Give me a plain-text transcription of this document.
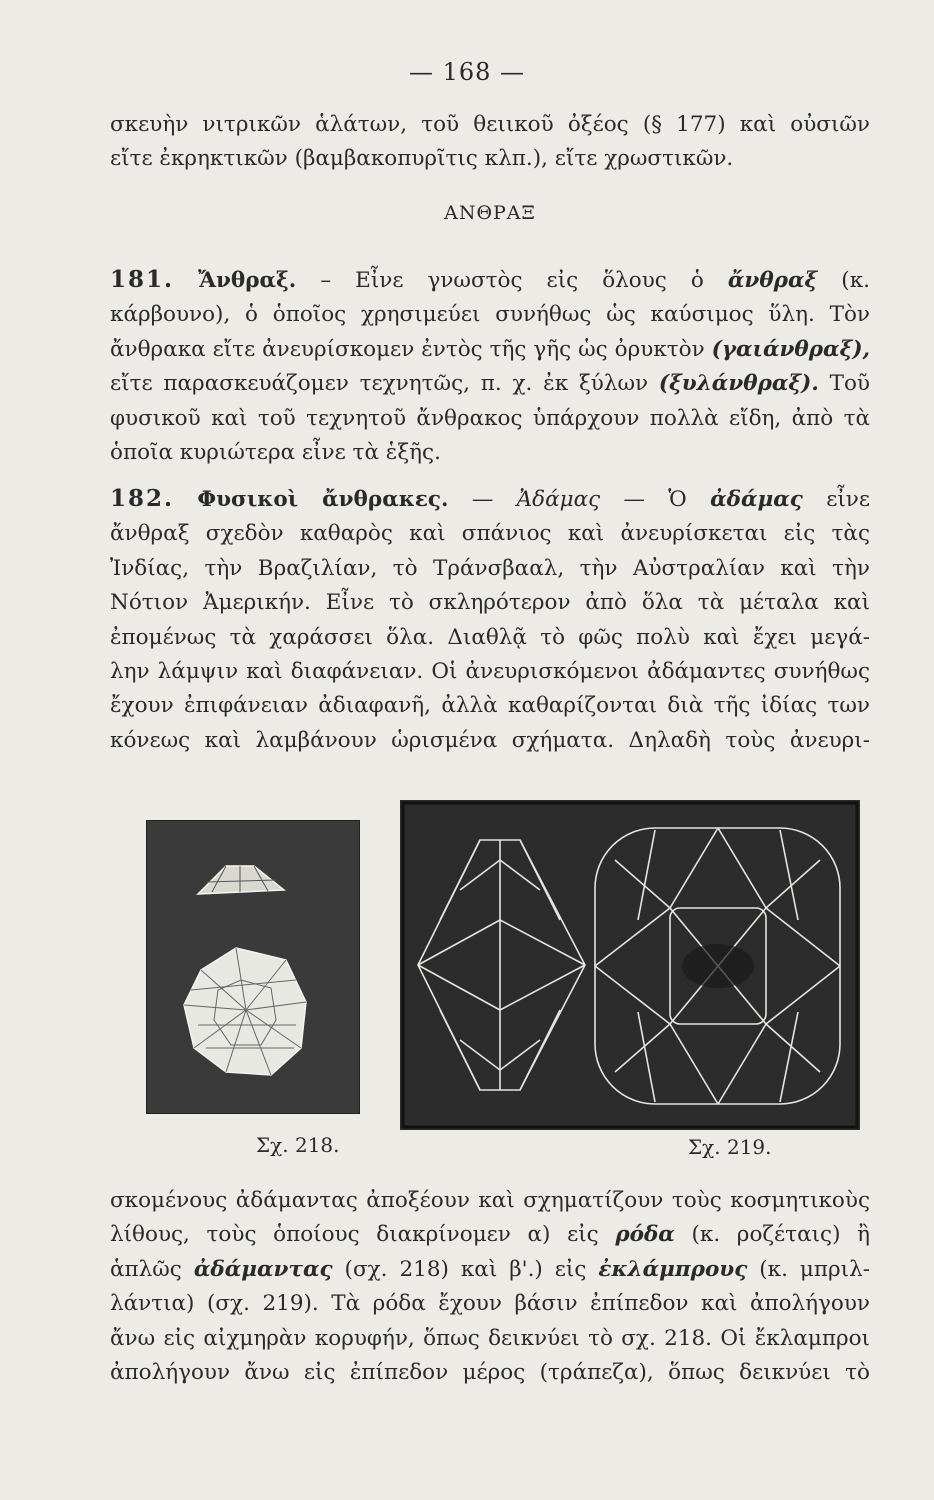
— 168 —
σκευὴν νιτρικῶν ἁλάτων, τοῦ θειικοῦ ὀξέος (§ 177) καὶ οὐσιῶν
εἴτε ἐκρηκτικῶν (βαμβακοπυρῖτις κλπ.), εἴτε χρωστικῶν.
ΑΝΘΡΑΞ
181. Ἄνθραξ. – Εἶνε γνωστὸς εἰς ὅλους ὁ ἄνθραξ (κ.
κάρβουνο), ὁ ὁποῖος χρησιμεύει συνήθως ὡς καύσιμος ὕλη. Τὸν
ἄνθρακα εἴτε ἀνευρίσκομεν ἐντὸς τῆς γῆς ὡς ὀρυκτὸν (γαιάνθραξ),
εἴτε παρασκευάζομεν τεχνητῶς, π. χ. ἐκ ξύλων (ξυλάνθραξ). Τοῦ
φυσικοῦ καὶ τοῦ τεχνητοῦ ἄνθρακος ὑπάρχουν πολλὰ εἴδη, ἀπὸ τὰ
ὁποῖα κυριώτερα εἶνε τὰ ἑξῆς.
182. Φυσικοὶ ἄνθρακες. — Ἀδάμας — Ὁ ἀδάμας εἶνε
ἄνθραξ σχεδὸν καθαρὸς καὶ σπάνιος καὶ ἀνευρίσκεται εἰς τὰς
Ἰνδίας, τὴν Βραζιλίαν, τὸ Τράνσβααλ, τὴν Αὐστραλίαν καὶ τὴν
Νότιον Ἀμερικήν. Εἶνε τὸ σκληρότερον ἀπὸ ὅλα τὰ μέταλα καὶ
ἐπομένως τὰ χαράσσει ὅλα. Διαθλᾷ τὸ φῶς πολὺ καὶ ἔχει μεγά-
λην λάμψιν καὶ διαφάνειαν. Οἱ ἀνευρισκόμενοι ἀδάμαντες συνήθως
ἔχουν ἐπιφάνειαν ἀδιαφανῆ, ἀλλὰ καθαρίζονται διὰ τῆς ἰδίας των
κόνεως καὶ λαμβάνουν ὡρισμένα σχήματα. Δηλαδὴ τοὺς ἀνευρι-
Σχ. 218.	Σχ. 219.
σκομένους ἀδάμαντας ἀποξέουν καὶ σχηματίζουν τοὺς κοσμητικοὺς
λίθους, τοὺς ὁποίους διακρίνομεν α) εἰς ρόδα (κ. ροζέταις) ἢ
ἁπλῶς ἀδάμαντας (σχ. 218) καὶ β'.) εἰς ἐκλάμπρους (κ. μπριλ-
λάντια) (σχ. 219). Τὰ ρόδα ἔχουν βάσιν ἐπίπεδον καὶ ἀπολήγουν
ἄνω εἰς αἰχμηρὰν κορυφήν, ὅπως δεικνύει τὸ σχ. 218. Οἱ ἔκλαμπροι
ἀπολήγουν ἄνω εἰς ἐπίπεδον μέρος (τράπεζα), ὅπως δεικνύει τὸ
